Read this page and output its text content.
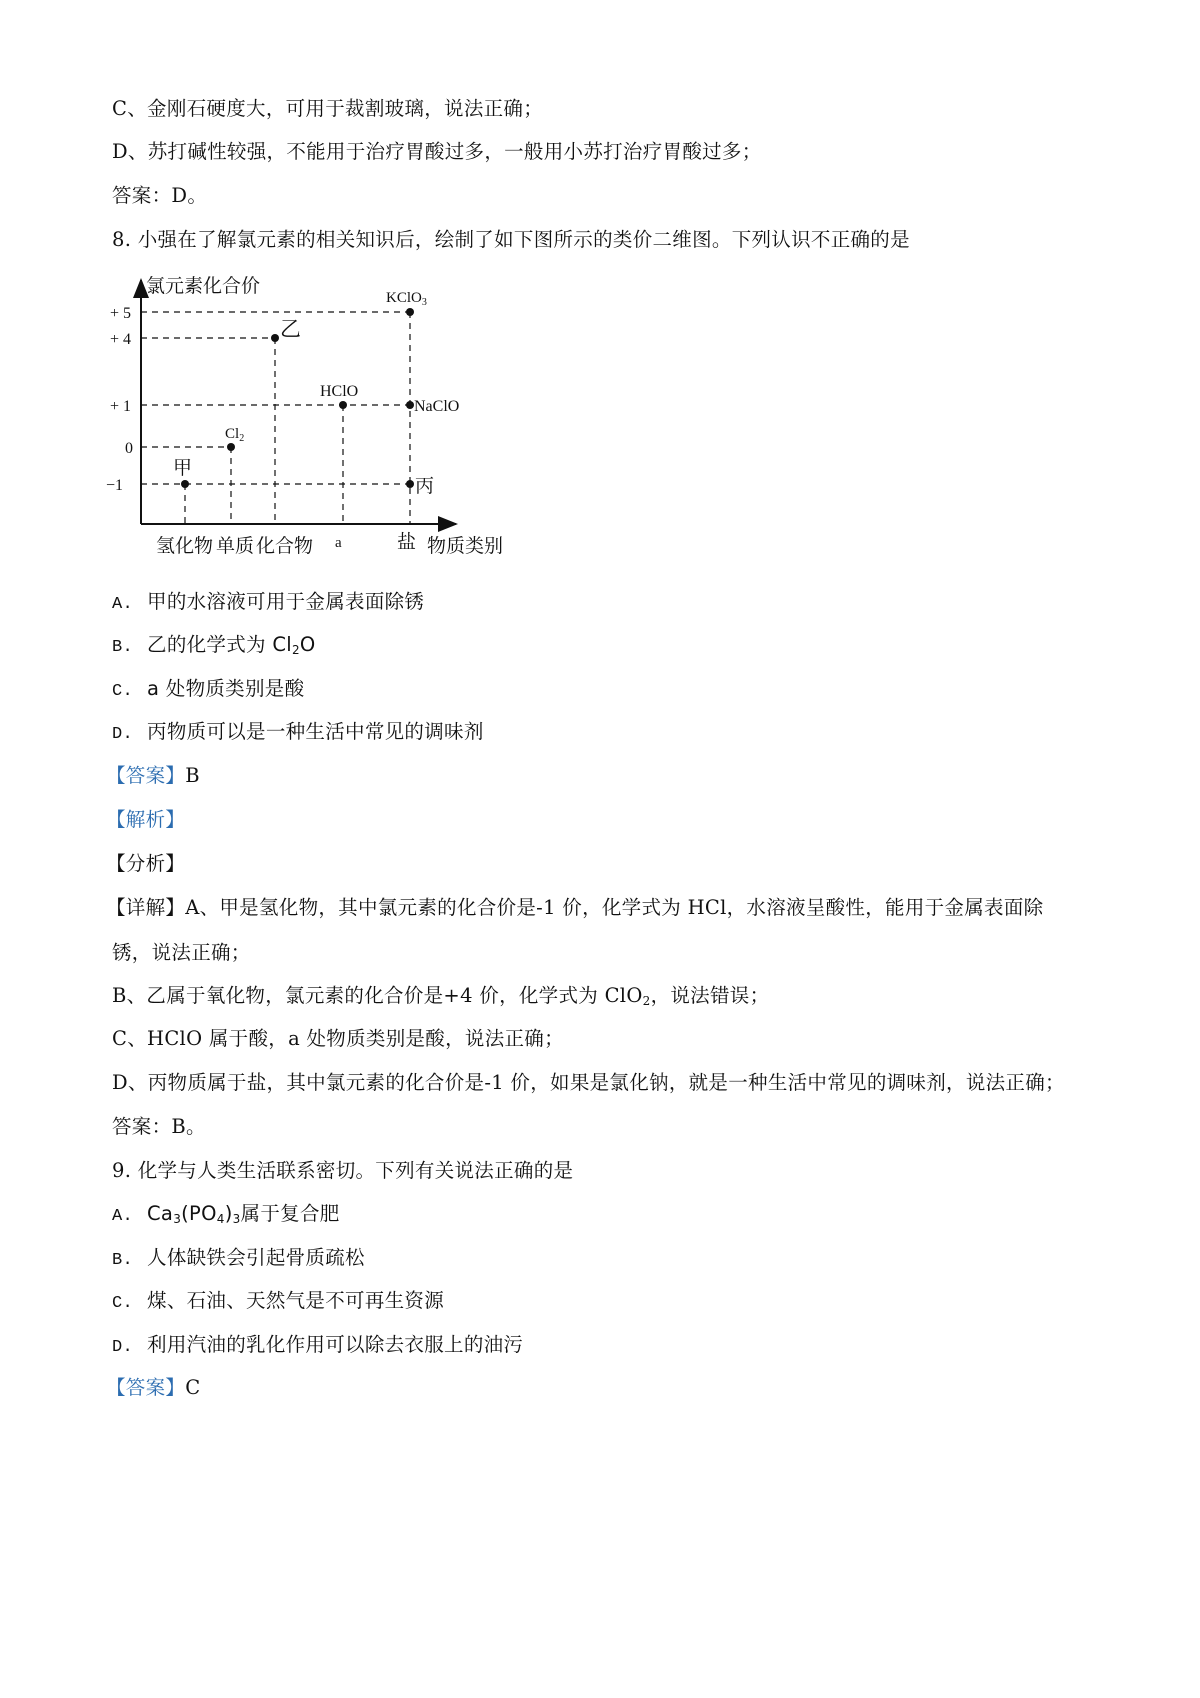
C、金刚石硬度大，可用于裁割玻璃，说法正确；
D、苏打碱性较强，不能用于治疗胃酸过多，一般用小苏打治疗胃酸过多；
答案：D。
8. 小强在了解氯元素的相关知识后，绘制了如下图所示的类价二维图。下列认识不正确的是
氯元素化合价
+ 5
+ 4
+ 1
0
−1
KClO$_3$
乙
HClO
NaClO
$Cl_2$
甲
丙
氢化物 单质 化合物 a	盐 物质类别
A. 甲的水溶液可用于金属表面除锈
B. 乙的化学式为 $Cl_2O$
C. a 处物质类别是酸
D. 丙物质可以是一种生活中常见的调味剂
【答案】B
【解析】
【分析】
【详解】A、甲是氢化物，其中氯元素的化合价是-1 价，化学式为 HCl，水溶液呈酸性，能用于金属表面除
锈，说法正确；
B、乙属于氧化物，氯元素的化合价是+4 价，化学式为 ClO$_2$，说法错误；
C、HClO 属于酸，a 处物质类别是酸，说法正确；
D、丙物质属于盐，其中氯元素的化合价是-1 价，如果是氯化钠，就是一种生活中常见的调味剂，说法正确；
答案：B。
9. 化学与人类生活联系密切。下列有关说法正确的是
A. $Ca_3(PO_4)_3$属于复合肥
B. 人体缺铁会引起骨质疏松
C. 煤、石油、天然气是不可再生资源
D. 利用汽油的乳化作用可以除去衣服上的油污
【答案】C
